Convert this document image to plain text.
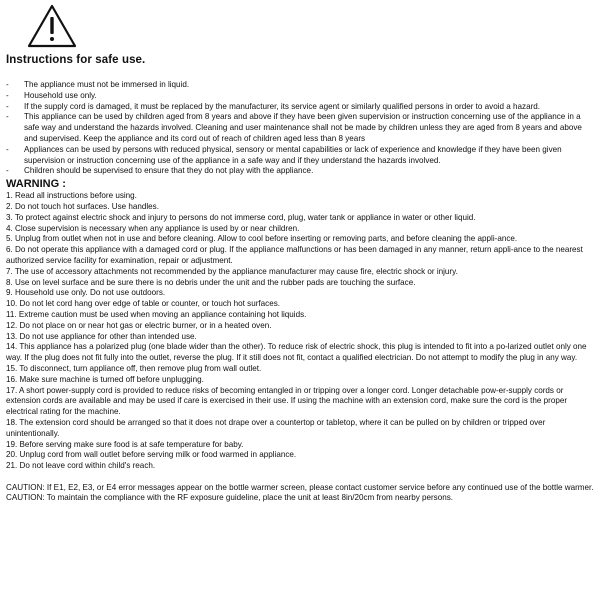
Instructions for safe use.
-	The appliance must not be immersed in liquid.
-	Household use only.
-	If the supply cord is damaged, it must be replaced by the manufacturer, its service agent or similarly qualified persons in order to avoid a hazard.
-	This appliance can be used by children aged from 8 years and above if they have been given supervision or instruction concerning use of the appliance in a safe way and understand the hazards involved. Cleaning and user maintenance shall not be made by children unless they are aged from 8 years and above and supervised. Keep the appliance and its cord out of reach of children aged less than 8 years
-	Appliances can be used by persons with reduced physical, sensory or mental capabilities or lack of experience and knowledge if they have been given supervision or instruction concerning use of the appliance in a safe way and if they understand the hazards involved.
-	Children should be supervised to ensure that they do not play with the appliance.
WARNING :
1. Read all instructions before using.
2. Do not touch hot surfaces. Use handles.
3. To protect against electric shock and injury to persons do not immerse cord, plug, water tank or appliance in water or other liquid.
4. Close supervision is necessary when any appliance is used by or near children.
5. Unplug from outlet when not in use and before cleaning. Allow to cool before inserting or removing parts, and before cleaning the appli-ance.
6. Do not operate this appliance with a damaged cord or plug. If the appliance malfunctions or has been damaged in any manner, return appli-ance to the nearest authorized service facility for examination, repair or adjustment.
7. The use of accessory attachments not recommended by the appliance manufacturer may cause fire, electric shock or injury.
8. Use on level surface and be sure there is no debris under the unit and the rubber pads are touching the surface.
9. Household use only. Do not use outdoors.
10. Do not let cord hang over edge of table or counter, or touch hot surfaces.
11. Extreme caution must be used when moving an appliance containing hot liquids.
12. Do not place on or near hot gas or electric burner, or in a heated oven.
13. Do not use appliance for other than intended use.
14. This appliance has a polarized plug (one blade wider than the other). To reduce risk of electric shock, this plug is intended to fit into a po-larized outlet only one way. If the plug does not fit fully into the outlet, reverse the plug. If it still does not fit, contact a qualified electrician. Do not attempt to modify the plug in any way.
15. To disconnect, turn appliance off, then remove plug from wall outlet.
16. Make sure machine is turned off before unplugging.
17. A short power-supply cord is provided to reduce risks of becoming entangled in or tripping over a longer cord. Longer detachable pow-er-supply cords or extension cords are available and may be used if care is exercised in their use. If using the machine with an extension cord, make sure the cord is the proper electrical rating for the machine.
18. The extension cord should be arranged so that it does not drape over a countertop or tabletop, where it can be pulled on by children or tripped over unintentionally.
19. Before serving make sure food is at safe temperature for baby.
20. Unplug cord from wall outlet before serving milk or food warmed in appliance.
21. Do not leave cord within child's reach.
CAUTION: If E1, E2, E3, or E4 error messages appear on the bottle warmer screen, please contact customer service before any continued use of the bottle warmer.
CAUTION: To maintain the compliance with the RF exposure guideline, place the unit at least 8in/20cm from nearby persons.
